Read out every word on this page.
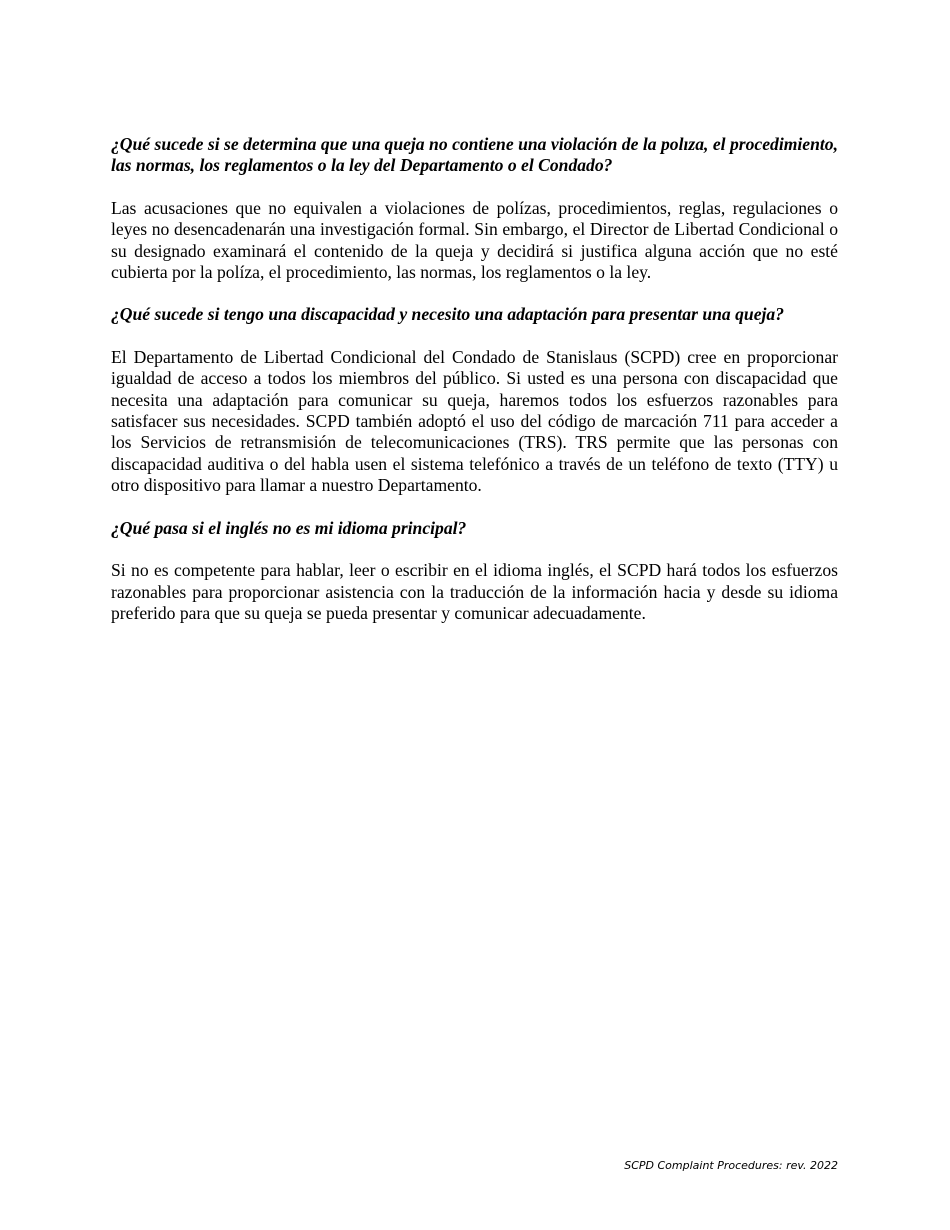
¿Qué sucede si se determina que una queja no contiene una violación de la polıza, el procedimiento, las normas, los reglamentos o la ley del Departamento o el Condado?

Las acusaciones que no equivalen a violaciones de polízas, procedimientos, reglas, regulaciones o leyes no desencadenarán una investigación formal. Sin embargo, el Director de Libertad Condicional o su designado examinará el contenido de la queja y decidirá si justifica alguna acción que no esté cubierta por la políza, el procedimiento, las normas, los reglamentos o la ley.

¿Qué sucede si tengo una discapacidad y necesito una adaptación para presentar una queja?

El Departamento de Libertad Condicional del Condado de Stanislaus (SCPD) cree en proporcionar igualdad de acceso a todos los miembros del público. Si usted es una persona con discapacidad que necesita una adaptación para comunicar su queja, haremos todos los esfuerzos razonables para satisfacer sus necesidades. SCPD también adoptó el uso del código de marcación 711 para acceder a los Servicios de retransmisión de telecomunicaciones (TRS). TRS permite que las personas con discapacidad auditiva o del habla usen el sistema telefónico a través de un teléfono de texto (TTY) u otro dispositivo para llamar a nuestro Departamento.

¿Qué pasa si el inglés no es mi idioma principal?

Si no es competente para hablar, leer o escribir en el idioma inglés, el SCPD hará todos los esfuerzos razonables para proporcionar asistencia con la traducción de la información hacia y desde su idioma preferido para que su queja se pueda presentar y comunicar adecuadamente.

SCPD Complaint Procedures: rev. 2022
